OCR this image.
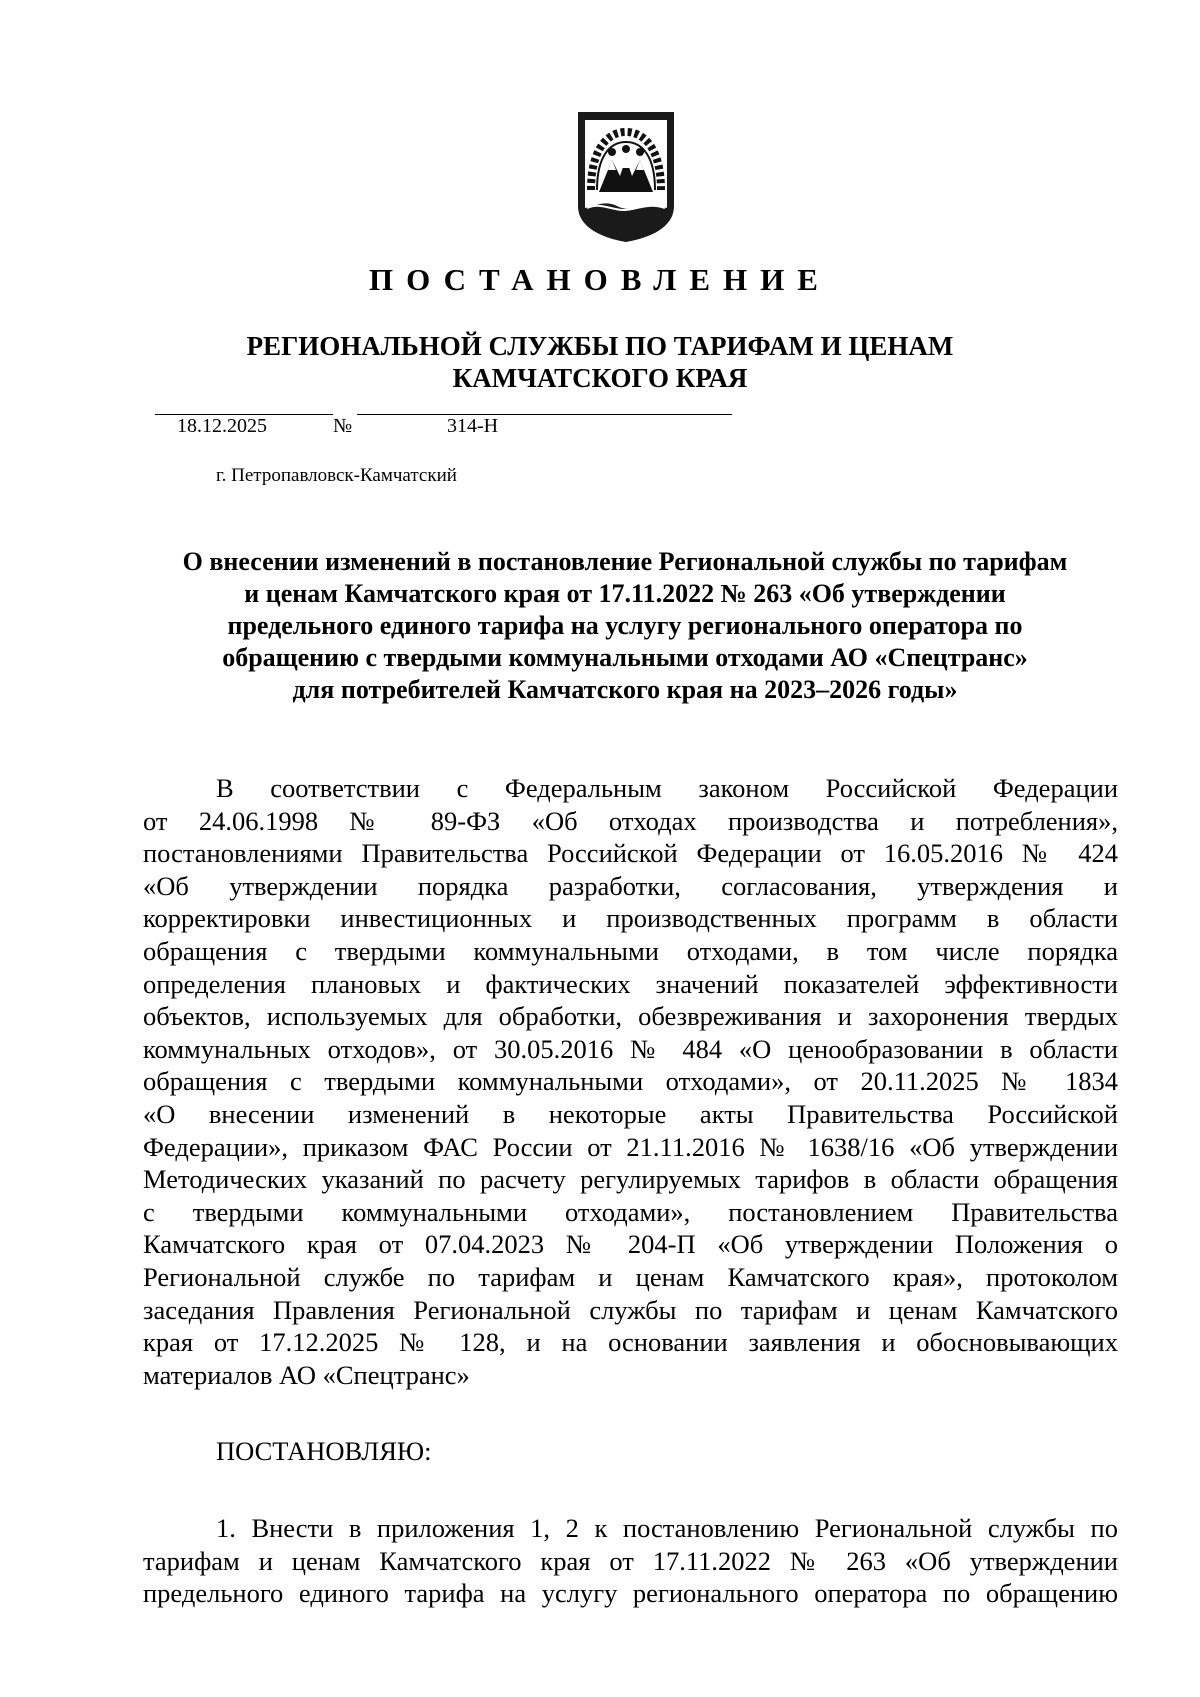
ПОСТАНОВЛЕНИЕ
РЕГИОНАЛЬНОЙ СЛУЖБЫ ПО ТАРИФАМ И ЦЕНАМ
КАМЧАТСКОГО КРАЯ
18.12.2025	№	314-Н
г. Петропавловск-Камчатский
О внесении изменений в постановление Региональной службы по тарифам
и ценам Камчатского края от 17.11.2022 № 263 «Об утверждении
предельного единого тарифа на услугу регионального оператора по
обращению с твердыми коммунальными отходами АО «Спецтранс»
для потребителей Камчатского края на 2023–2026 годы»
В соответствии с Федеральным законом Российской Федерации
от 24.06.1998 № 89-ФЗ «Об отходах производства и потребления»,
постановлениями Правительства Российской Федерации от 16.05.2016 № 424
«Об утверждении порядка разработки, согласования, утверждения и
корректировки инвестиционных и производственных программ в области
обращения с твердыми коммунальными отходами, в том числе порядка
определения плановых и фактических значений показателей эффективности
объектов, используемых для обработки, обезвреживания и захоронения твердых
коммунальных отходов», от 30.05.2016 № 484 «О ценообразовании в области
обращения с твердыми коммунальными отходами», от 20.11.2025 № 1834
«О внесении изменений в некоторые акты Правительства Российской
Федерации», приказом ФАС России от 21.11.2016 № 1638/16 «Об утверждении
Методических указаний по расчету регулируемых тарифов в области обращения
с твердыми коммунальными отходами», постановлением Правительства
Камчатского края от 07.04.2023 № 204-П «Об утверждении Положения о
Региональной службе по тарифам и ценам Камчатского края», протоколом
заседания Правления Региональной службы по тарифам и ценам Камчатского
края от 17.12.2025 № 128, и на основании заявления и обосновывающих
материалов АО «Спецтранс»
ПОСТАНОВЛЯЮ:
1. Внести в приложения 1, 2 к постановлению Региональной службы по
тарифам и ценам Камчатского края от 17.11.2022 № 263 «Об утверждении
предельного единого тарифа на услугу регионального оператора по обращению
